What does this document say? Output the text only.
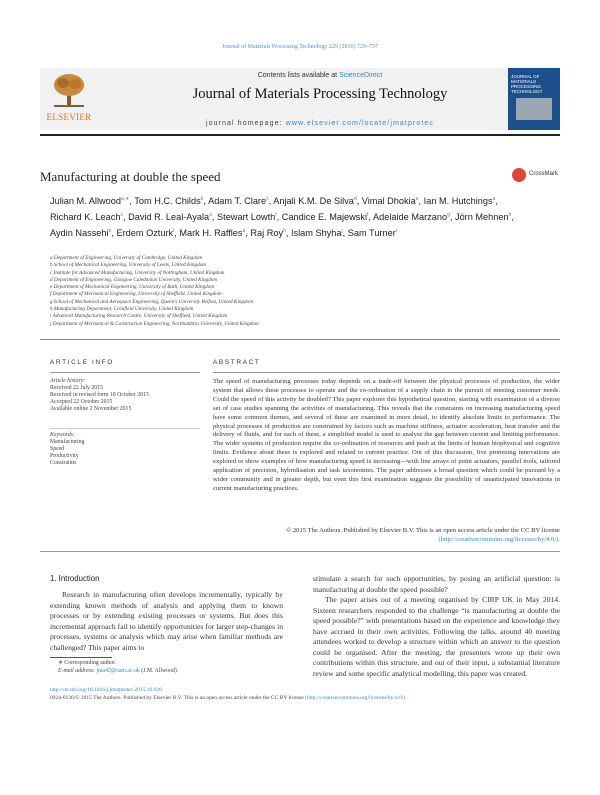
Journal of Materials Processing Technology 229 (2016) 729–757
ELSEVIER
Contents lists available at ScienceDirect
Journal of Materials Processing Technology
journal homepage: www.elsevier.com/locate/jmatprotec
JOURNAL OF MATERIALS PROCESSING TECHNOLOGY
Manufacturing at double the speed	CrossMark
Julian M. Allwood$^{a,∗}$, Tom H.C. Childs$^b$, Adam T. Clare$^c$, Anjali K.M. De Silva$^d$, Vimal Dhokia$^e$, Ian M. Hutchings$^a$, Richard K. Leach$^c$, David R. Leal-Ayala$^a$, Stewart Lowth$^f$, Candice E. Majewski$^f$, Adelaide Marzano$^g$, Jörn Mehnen$^h$, Aydin Nassehi$^e$, Erdem Ozturk$^i$, Mark H. Raffles$^a$, Raj Roy$^h$, Islam Shyha$^j$, Sam Turner$^i$
a Department of Engineering, University of Cambridge, United Kingdom
b School of Mechanical Engineering, University of Leeds, United Kingdom
c Institute for Advanced Manufacturing, University of Nottingham, United Kingdom
d Department of Engineering, Glasgow Caledonian University, United Kingdom
e Department of Mechanical Engineering, University of Bath, United Kingdom
f Department of Mechanical Engineering, University of Sheffield, United Kingdom
g School of Mechanical and Aerospace Engineering, Queen's University Belfast, United Kingdom
h Manufacturing Department, Cranfield University, United Kingdom
i Advanced Manufacturing Research Centre, University of Sheffield, United Kingdom
j Department of Mechanical & Construction Engineering, Northumbria University, United Kingdom
ARTICLE INFO	ABSTRACT
Article history:
Received 22 July 2015
Received in revised form 18 October 2015
Accepted 22 October 2015
Available online 2 November 2015
Keywords:
Manufacturing
Speed
Productivity
Constraints
The speed of manufacturing processes today depends on a trade-off between the physical processes of production, the wider system that allows these processes to operate and the co-ordination of a supply chain in the pursuit of meeting customer needs. Could the speed of this activity be doubled? This paper explores this hypothetical question, starting with examination of a diverse set of case studies spanning the activities of manufacturing. This reveals that the constraints on increasing manufacturing speed have some common themes, and several of these are examined in more detail, to identify absolute limits to performance. The physical processes of production are constrained by factors such as machine stiffness, actuator acceleration, heat transfer and the delivery of fluids, and for each of these, a simplified model is used to analyse the gap between current and limiting performance. The wider systems of production require the co-ordination of resources and push at the limits of human biophysical and cognitive limits. Evidence about these is explored and related to current practice. Out of this discussion, five promising innovations are explored to show examples of how manufacturing speed is increasing—with line arrays of point actuators, parallel tools, tailored application of precision, hybridisation and task taxonomies. The paper addresses a broad question which could be pursued by a wider community and in greater depth, but even this first examination suggests the possibility of unanticipated innovations in current manufacturing practices.
© 2015 The Authors. Published by Elsevier B.V. This is an open access article under the CC BY license (http://creativecommons.org/licenses/by/4.0/).
1. Introduction
Research in manufacturing often develops incrementally, typically by extending known methods of analysis and applying them to known processes or by extending existing processes or systems. But does this incremental approach fail to identify opportunities for larger step-changes in processes, systems or analysis which may arise when familiar methods are challenged? This paper aims to

stimulate a search for such opportunities, by posing an artificial question: is manufacturing at double the speed possible?

The paper arises out of a meeting organised by CIRP UK in May 2014. Sixteen researchers responded to the challenge “is manufacturing at double the speed possible?” with presentations based on the experience and knowledge they have accrued in their own activities. Following the talks, around 40 meeting attendees worked to develop a structure within which an answer to the question could be organised. After the meeting, the presenters wrote up their own contributions within this structure, and out of their input, a substantial literature review and some specific analytical modelling, this paper was created.

∗ Corresponding author.
E-mail address: jma42@cam.ac.uk (J.M. Allwood).
http://dx.doi.org/10.1016/j.jmatprotec.2015.10.028
0924-0136/© 2015 The Authors. Published by Elsevier B.V. This is an open access article under the CC BY license (http://creativecommons.org/licenses/by/4.0/).
